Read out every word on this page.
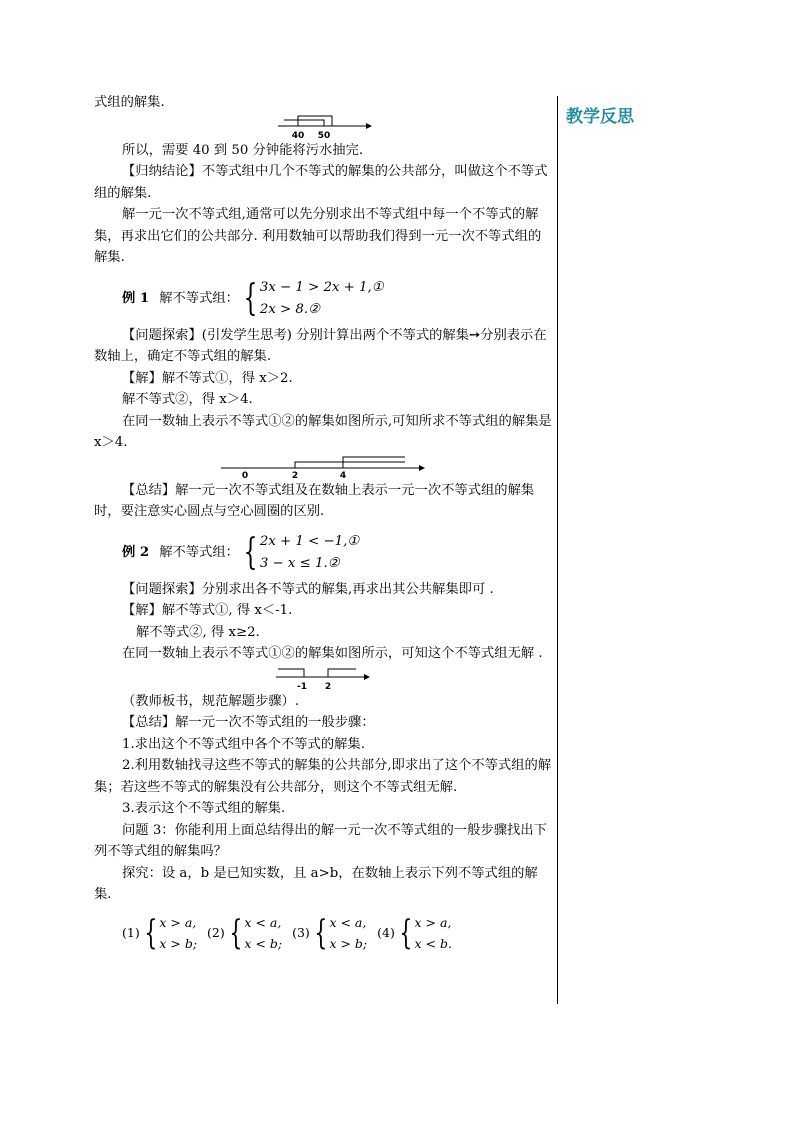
教学反思

式组的解集.

40 50

所以，需要 40 到 50 分钟能将污水抽完.

【归纳结论】不等式组中几个不等式的解集的公共部分，叫做这个不等式组的解集.

解一元一次不等式组,通常可以先分别求出不等式组中每一个不等式的解集，再求出它们的公共部分. 利用数轴可以帮助我们得到一元一次不等式组的解集.

例 1 解不等式组： { 3x − 1 > 2x + 1,①
2x > 8.②

【问题探索】(引发学生思考) 分别计算出两个不等式的解集➙分别表示在数轴上，确定不等式组的解集.

【解】解不等式①，得 x＞2.

解不等式②，得 x＞4.

在同一数轴上表示不等式①②的解集如图所示,可知所求不等式组的解集是 x＞4.

0	2	4

【总结】解一元一次不等式组及在数轴上表示一元一次不等式组的解集时，要注意实心圆点与空心圆圈的区别.

例 2 解不等式组： { 2x + 1 < −1,①
3 − x ≤ 1.②

【问题探索】分别求出各不等式的解集,再求出其公共解集即可 .

【解】解不等式①, 得 x＜-1.

解不等式②, 得 x≥2.

在同一数轴上表示不等式①②的解集如图所示，可知这个不等式组无解 .

-1 2

（教师板书，规范解题步骤）.

【总结】解一元一次不等式组的一般步骤：

1.求出这个不等式组中各个不等式的解集.

2.利用数轴找寻这些不等式的解集的公共部分,即求出了这个不等式组的解集；若这些不等式的解集没有公共部分，则这个不等式组无解.

3.表示这个不等式组的解集.

问题 3：你能利用上面总结得出的解一元一次不等式组的一般步骤找出下列不等式组的解集吗？

探究：设 a，b 是已知实数，且 a>b，在数轴上表示下列不等式组的解集.

(1) { x > a,
x > b;
(2) { x < a,
x < b;
(3) { x < a,
x > b;
(4) { x > a,
x < b.
